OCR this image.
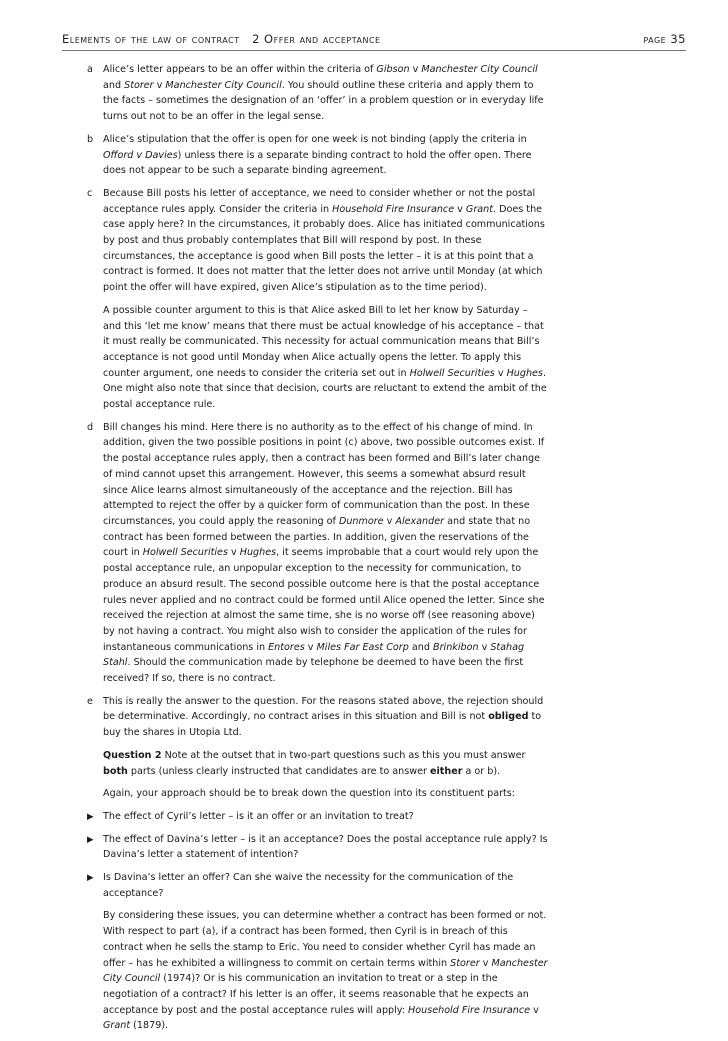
Elements of the law of contract 2 Offer and acceptance	page 35
a Alice’s letter appears to be an offer within the criteria of Gibson v Manchester City Council and Storer v Manchester City Council. You should outline these criteria and apply them to the facts – sometimes the designation of an ‘offer’ in a problem question or in everyday life turns out not to be an offer in the legal sense.

b Alice’s stipulation that the offer is open for one week is not binding (apply the criteria in Offord v Davies) unless there is a separate binding contract to hold the offer open. There does not appear to be such a separate binding agreement.

c Because Bill posts his letter of acceptance, we need to consider whether or not the postal acceptance rules apply. Consider the criteria in Household Fire Insurance v Grant. Does the case apply here? In the circumstances, it probably does. Alice has initiated communications by post and thus probably contemplates that Bill will respond by post. In these circumstances, the acceptance is good when Bill posts the letter – it is at this point that a contract is formed. It does not matter that the letter does not arrive until Monday (at which point the offer will have expired, given Alice’s stipulation as to the time period).

A possible counter argument to this is that Alice asked Bill to let her know by Saturday – and this ‘let me know’ means that there must be actual knowledge of his acceptance – that it must really be communicated. This necessity for actual communication means that Bill’s acceptance is not good until Monday when Alice actually opens the letter. To apply this counter argument, one needs to consider the criteria set out in Holwell Securities v Hughes. One might also note that since that decision, courts are reluctant to extend the ambit of the postal acceptance rule.

d Bill changes his mind. Here there is no authority as to the effect of his change of mind. In addition, given the two possible positions in point (c) above, two possible outcomes exist. If the postal acceptance rules apply, then a contract has been formed and Bill’s later change of mind cannot upset this arrangement. However, this seems a somewhat absurd result since Alice learns almost simultaneously of the acceptance and the rejection. Bill has attempted to reject the offer by a quicker form of communication than the post. In these circumstances, you could apply the reasoning of Dunmore v Alexander and state that no contract has been formed between the parties. In addition, given the reservations of the court in Holwell Securities v Hughes, it seems improbable that a court would rely upon the postal acceptance rule, an unpopular exception to the necessity for communication, to produce an absurd result. The second possible outcome here is that the postal acceptance rules never applied and no contract could be formed until Alice opened the letter. Since she received the rejection at almost the same time, she is no worse off (see reasoning above) by not having a contract. You might also wish to consider the application of the rules for instantaneous communications in Entores v Miles Far East Corp and Brinkibon v Stahag Stahl. Should the communication made by telephone be deemed to have been the first received? If so, there is no contract.

e This is really the answer to the question. For the reasons stated above, the rejection should be determinative. Accordingly, no contract arises in this situation and Bill is not obliged to buy the shares in Utopia Ltd.

Question 2 Note at the outset that in two-part questions such as this you must answer both parts (unless clearly instructed that candidates are to answer either a or b).

Again, your approach should be to break down the question into its constituent parts:

▶ The effect of Cyril’s letter – is it an offer or an invitation to treat?

▶ The effect of Davina’s letter – is it an acceptance? Does the postal acceptance rule apply? Is Davina’s letter a statement of intention?

▶ Is Davina’s letter an offer? Can she waive the necessity for the communication of the acceptance?

By considering these issues, you can determine whether a contract has been formed or not. With respect to part (a), if a contract has been formed, then Cyril is in breach of this contract when he sells the stamp to Eric. You need to consider whether Cyril has made an offer – has he exhibited a willingness to commit on certain terms within Storer v Manchester City Council (1974)? Or is his communication an invitation to treat or a step in the negotiation of a contract? If his letter is an offer, it seems reasonable that he expects an acceptance by post and the postal acceptance rules will apply: Household Fire Insurance v Grant (1879).
